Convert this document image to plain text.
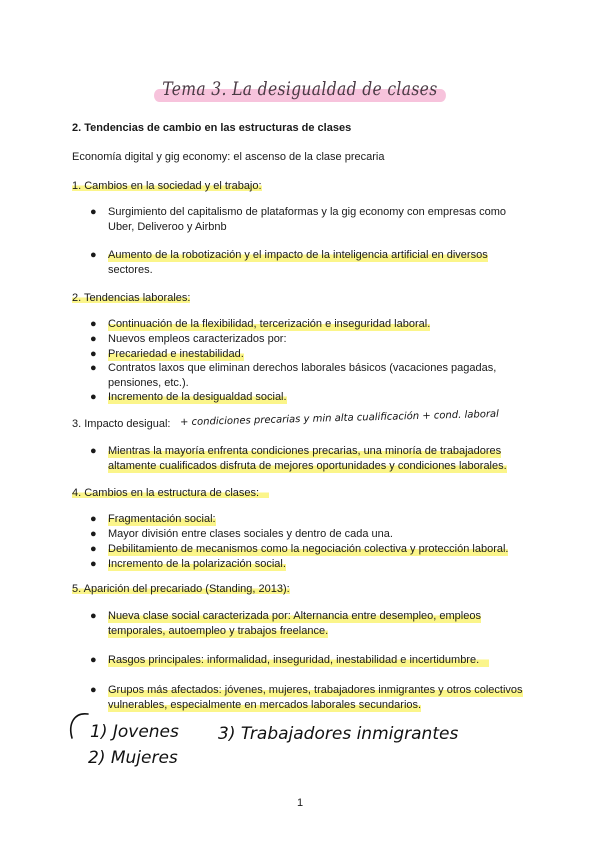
Tema 3. La desigualdad de clases
2. Tendencias de cambio en las estructuras de clases
Economía digital y gig economy: el ascenso de la clase precaria
1. Cambios en la sociedad y el trabajo:
●	Surgimiento del capitalismo de plataformas y la gig economy con empresas como
Uber, Deliveroo y Airbnb
●	Aumento de la robotización y el impacto de la inteligencia artificial en diversos
sectores.
2. Tendencias laborales:
●	Continuación de la flexibilidad, tercerización e inseguridad laboral.
●	Nuevos empleos caracterizados por:
●	Precariedad e inestabilidad.
●	Contratos laxos que eliminan derechos laborales básicos (vacaciones pagadas,
pensiones, etc.).
●	Incremento de la desigualdad social.
3. Impacto desigual: + condiciones precarias y min alta cualificación + cond. laboral
●	Mientras la mayoría enfrenta condiciones precarias, una minoría de trabajadores
altamente cualificados disfruta de mejores oportunidades y condiciones laborales.
4. Cambios en la estructura de clases:
●	Fragmentación social:
●	Mayor división entre clases sociales y dentro de cada una.
●	Debilitamiento de mecanismos como la negociación colectiva y protección laboral.
●	Incremento de la polarización social.
5. Aparición del precariado (Standing, 2013):
●	Nueva clase social caracterizada por: Alternancia entre desempleo, empleos
temporales, autoempleo y trabajos freelance.
●	Rasgos principales: informalidad, inseguridad, inestabilidad e incertidumbre.
●	Grupos más afectados: jóvenes, mujeres, trabajadores inmigrantes y otros colectivos
vulnerables, especialmente en mercados laborales secundarios.
1) Jovenes 3) Trabajadores inmigrantes
2) Mujeres
1
